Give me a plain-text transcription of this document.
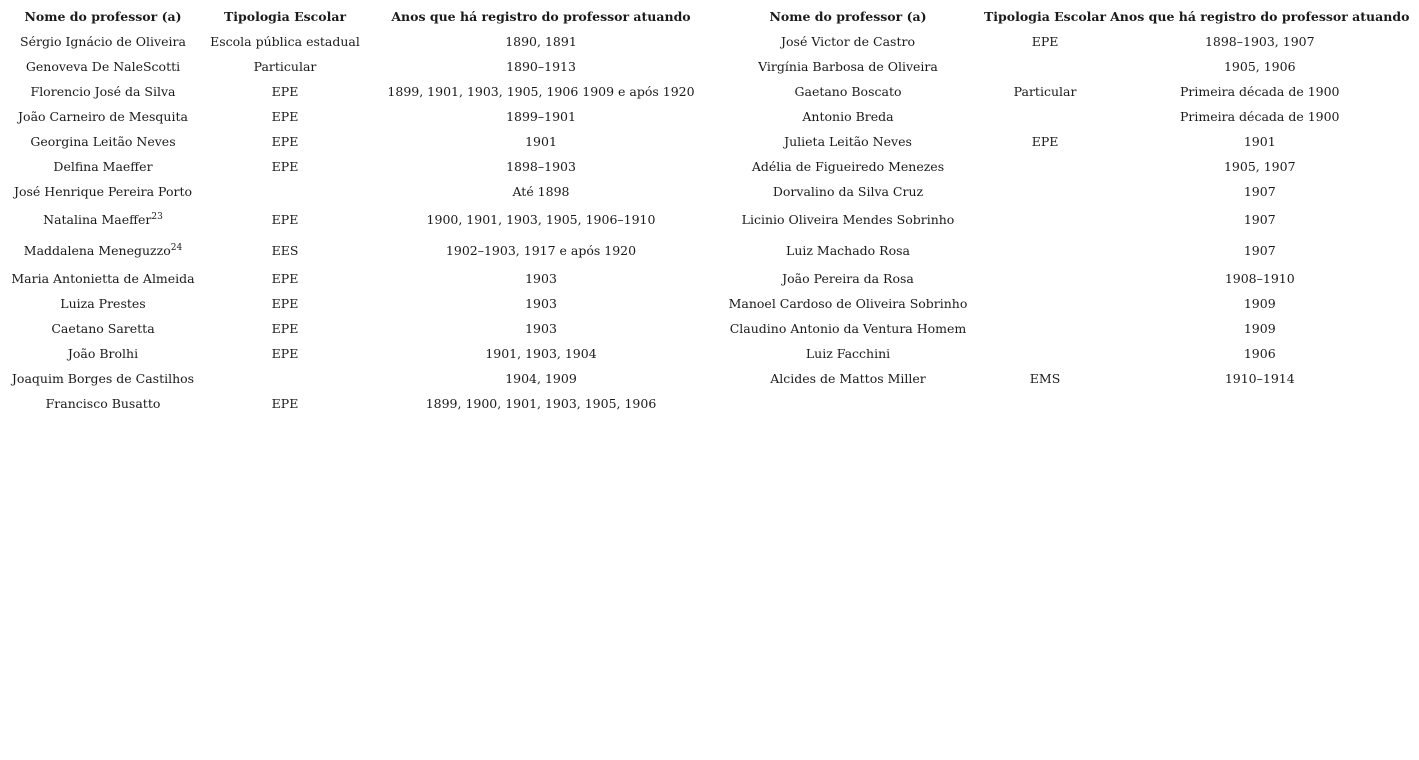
Nome do professor (a)	Tipologia Escolar	Anos que há registro do professor atuando	Nome do professor (a)	Tipologia Escolar	Anos que há registro do professor atuando
Sérgio Ignácio de Oliveira	Escola pública estadual	1890, 1891	José Victor de Castro	EPE	1898–1903, 1907
Genoveva De NaleScotti	Particular	1890–1913	Virgínia Barbosa de Oliveira		1905, 1906
Florencio José da Silva	EPE	1899, 1901, 1903, 1905, 1906 1909 e após 1920	Gaetano Boscato	Particular	Primeira década de 1900
João Carneiro de Mesquita	EPE	1899–1901	Antonio Breda		Primeira década de 1900
Georgina Leitão Neves	EPE	1901	Julieta Leitão Neves	EPE	1901
Delfina Maeffer	EPE	1898–1903	Adélia de Figueiredo Menezes		1905, 1907
José Henrique Pereira Porto		Até 1898	Dorvalino da Silva Cruz		1907
Natalina Maeffer$^{23}$	EPE	1900, 1901, 1903, 1905, 1906–1910	Licinio Oliveira Mendes Sobrinho		1907
Maddalena Meneguzzo$^{24}$	EES	1902–1903, 1917 e após 1920	Luiz Machado Rosa		1907
Maria Antonietta de Almeida	EPE	1903	João Pereira da Rosa		1908–1910
Luiza Prestes	EPE	1903	Manoel Cardoso de Oliveira Sobrinho		1909
Caetano Saretta	EPE	1903	Claudino Antonio da Ventura Homem		1909
João Brolhi	EPE	1901, 1903, 1904	Luiz Facchini		1906
Joaquim Borges de Castilhos		1904, 1909	Alcides de Mattos Miller	EMS	1910–1914
Francisco Busatto	EPE	1899, 1900, 1901, 1903, 1905, 1906			
